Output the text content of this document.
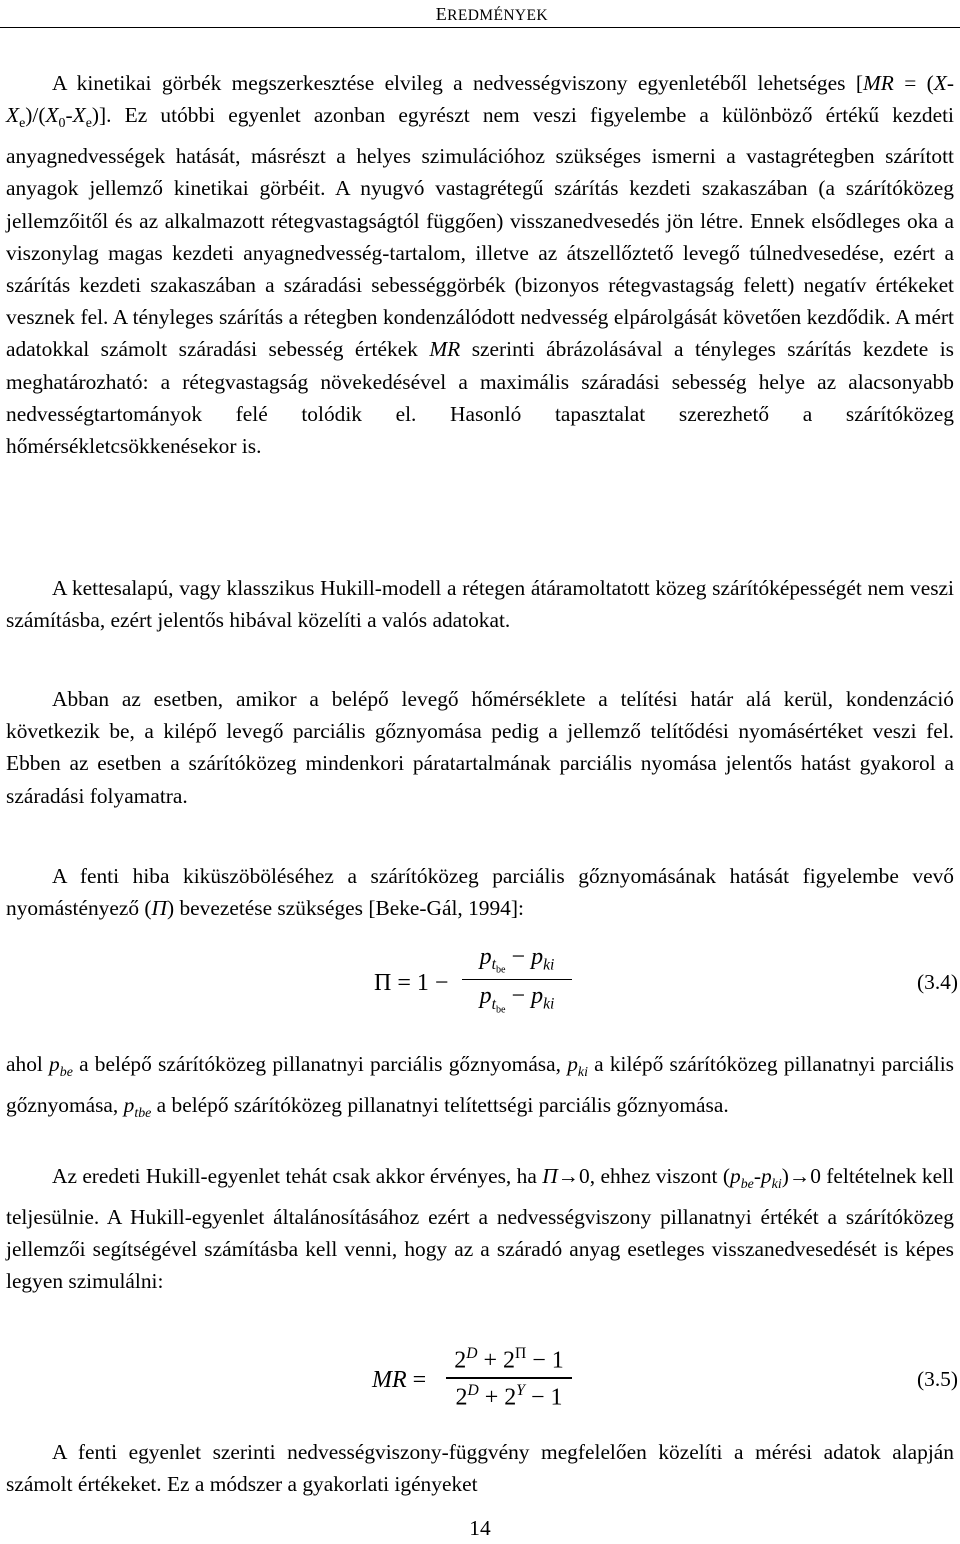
EREDMÉNYEK

A kinetikai görbék megszerkesztése elvileg a nedvességviszony egyenletéből lehetséges $[MR = (X-X_e)/(X_0-X_e)]$. Ez utóbbi egyenlet azonban egyrészt nem veszi figyelembe a különböző értékű kezdeti anyagnedvességek hatását, másrészt a helyes szimulációhoz szükséges ismerni a vastagrétegben szárított anyagok jellemző kinetikai görbéit. A nyugvó vastagrétegű szárítás kezdeti szakaszában (a szárítóközeg jellemzőitől és az alkalmazott rétegvastagságtól függően) visszanedvesedés jön létre. Ennek elsődleges oka a viszonylag magas kezdeti anyagnedvesség-tartalom, illetve az átszellőztető levegő túlnedvesedése, ezért a szárítás kezdeti szakaszában a száradási sebességgörbék (bizonyos rétegvastagság felett) negatív értékeket vesznek fel. A tényleges szárítás a rétegben kondenzálódott nedvesség elpárolgását követően kezdődik. A mért adatokkal számolt száradási sebesség értékek MR szerinti ábrázolásával a tényleges szárítás kezdete is meghatározható: a rétegvastagság növekedésével a maximális száradási sebesség helye az alacsonyabb nedvességtartományok felé tolódik el. Hasonló tapasztalat szerezhető a szárítóközeg hőmérsékletcsökkenésekor is.

A kettesalapú, vagy klasszikus Hukill-modell a rétegen átáramoltatott közeg szárítóképességét nem veszi számításba, ezért jelentős hibával közelíti a valós adatokat.

Abban az esetben, amikor a belépő levegő hőmérséklete a telítési határ alá kerül, kondenzáció következik be, a kilépő levegő parciális gőznyomása pedig a jellemző telítődési nyomásértéket veszi fel. Ebben az esetben a szárítóközeg mindenkori páratartalmának parciális nyomása jelentős hatást gyakorol a száradási folyamatra.

A fenti hiba kiküszöböléséhez a szárítóközeg parciális gőznyomásának hatását figyelembe vevő nyomástényező (Π) bevezetése szükséges [Beke-Gál, 1994]:

Π = 1 −
$p_{t_{be}} - p_{ki}$
$p_{t_{be}} - p_{ki}$
(3.4)

ahol $p_{be}$ a belépő szárítóközeg pillanatnyi parciális gőznyomása, $p_{ki}$ a kilépő szárítóközeg pillanatnyi parciális gőznyomása, $p_{tbe}$ a belépő szárítóközeg pillanatnyi telítettségi parciális gőznyomása.

Az eredeti Hukill-egyenlet tehát csak akkor érvényes, ha Π→0, ehhez viszont $(p_{be}-p_{ki})\to 0$ feltételnek kell teljesülnie. A Hukill-egyenlet általánosításához ezért a nedvességviszony pillanatnyi értékét a szárítóközeg jellemzői segítségével számításba kell venni, hogy az a száradó anyag esetleges visszanedvesedését is képes legyen szimulálni:

MR =
$2^D + 2^\Pi - 1$
$2^D + 2^Y - 1$
(3.5)

A fenti egyenlet szerinti nedvességviszony-függvény megfelelően közelíti a mérési adatok alapján számolt értékeket. Ez a módszer a gyakorlati igényeket

14
